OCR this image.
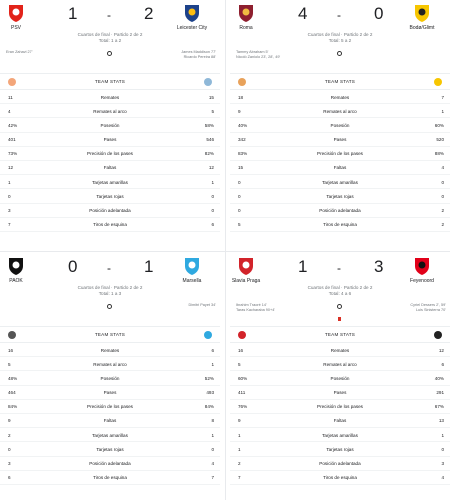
PSV
1 - 2
Leicester City
Cuartos de final · Partido 2 de 2
Total: 1 a 2
Eran Zahavi 27'	James Maddison 77'
Ricardo Pereira 88'
TEAM STATS
11	Remates	15
4	Remates al arco	5
42%	Posesión	58%
401	Pases	546
73%	Precisión de los pases	82%
12	Faltas	12
1	Tarjetas amarillas	1
0	Tarjetas rojas	0
3	Posición adelantada	0
7	Tiros de esquina	6
Roma
4 - 0
Bodø/Glimt
Cuartos de final · Partido 2 de 2
Total: 5 a 2
Tammy Abraham 5'
Nicolò Zaniolo 23', 28', 49'
TEAM STATS
18	Remates	7
9	Remates al arco	1
40%	Posesión	60%
342	Pases	520
83%	Precisión de los pases	88%
15	Faltas	4
0	Tarjetas amarillas	0
0	Tarjetas rojas	0
0	Posición adelantada	2
5	Tiros de esquina	2
PAOK
0 - 1
Marsella
Cuartos de final · Partido 2 de 2
Total: 1 a 3
Dimitri Payet 34'
TEAM STATS
16	Remates	6
5	Remates al arco	1
48%	Posesión	52%
464	Pases	493
84%	Precisión de los pases	84%
9	Faltas	8
2	Tarjetas amarillas	1
0	Tarjetas rojas	0
3	Posición adelantada	4
6	Tiros de esquina	7
Slavia Praga
1 - 3
Feyenoord
Cuartos de final · Partido 2 de 2
Total: 4 a 6
Ibrahim Traoré 14'
Taras Kacharaba 90+4'
Cyriel Dessers 2', 59'
Luis Sinisterra 70'
TEAM STATS
16	Remates	12
5	Remates al arco	6
60%	Posesión	40%
411	Pases	291
76%	Precisión de los pases	67%
9	Faltas	13
1	Tarjetas amarillas	1
1	Tarjetas rojas	0
2	Posición adelantada	3
7	Tiros de esquina	4
